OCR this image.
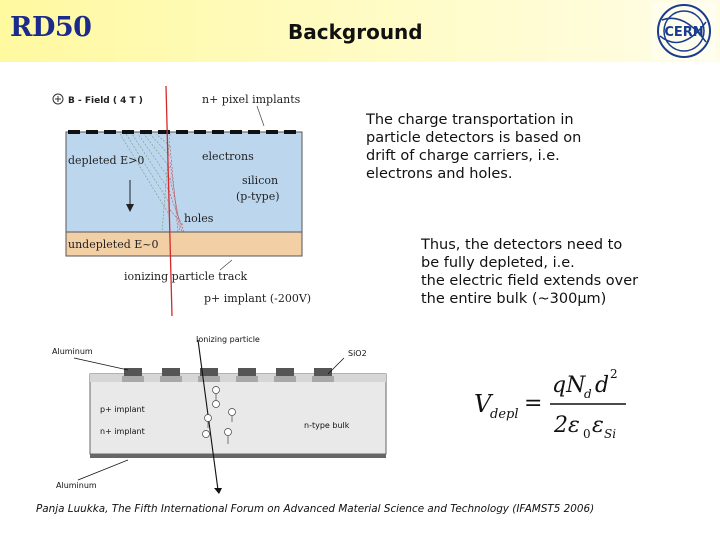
RD50	Background	CERN
The charge transportation in
particle detectors is based on
drift of charge carriers, i.e.
electrons and holes.
Thus, the detectors need to
be fully depleted, i.e.
the electric field extends over
the entire bulk (~300μm)
B - Field ( 4 T )	n+ pixel implants
depleted E>0	electrons
silicon
(p-type)
holes
undepleted E~0
ionizing particle track
p+ implant (-200V)
Ionizing particle
Aluminum	SiO2
p+ implant
n+ implant
n-type bulk
Aluminum
V
depl =
qN
d d 2
2ε 0 ε Si
Panja Luukka, The Fifth International Forum on Advanced Material Science and Technology (IFAMST5 2006)
